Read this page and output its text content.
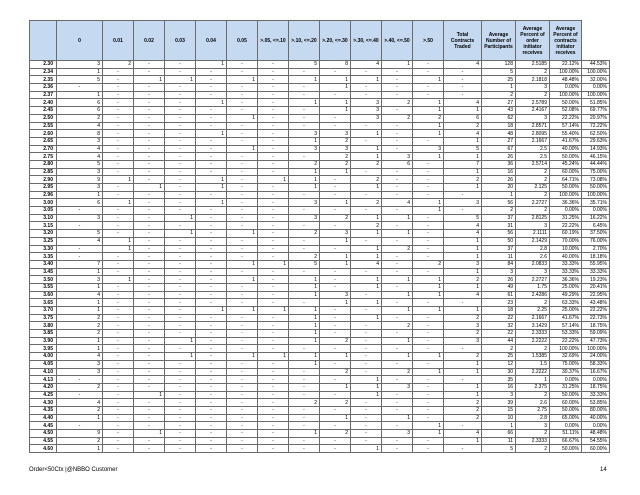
	0	0.01	0.02	0.03	0.04	0.05	>.05, <=.10	>.10, <=.20	>.20, <=.30	>.30, <=.40	>.40, <=.50	>.50	Total Contracts Traded	Average Number of Participants	Average Percent of order initiator receives	Average Percent of contracts initiator receives	
2.30	3	2	-	-	1	-	-	5	8	4	1	-	4	128	2.5185	22.12%	44.53%
2.34	1	-	-	-	-	-	-	-	-	-	-	-	-	5	2	100.00%	100.00%
2.35	5	-	1	1	-	1	-	1	1	1	-	1	-	25	2.1818	48.48%	32.00%
2.36	-	-	-	-	-	-	-	-	1	-	-	-	-	1	3	0.00%	0.00%
2.37	1	-	-	-	-	-	-	-	-	-	-	-	-	2	2	100.00%	100.00%
2.40	6	-	-	-	1	-	-	1	1	3	2	1	4	27	2.5789	50.00%	51.85%
2.45	6	-	-	-	-	-	-	-	1	3	-	1	1	43	2.4167	52.08%	69.77%
2.50	2	-	-	-	-	1	-	-	-	3	2	2	6	62	3	22.22%	20.97%
2.55	4	-	-	-	-	-	-	-	-	-	-	1	2	18	2.8571	57.14%	72.22%
2.60	8	-	-	-	1	-	-	3	3	1	-	1	4	48	2.8095	55.40%	62.50%
2.65	3	-	-	-	-	-	-	1	2	-	-	-	1	27	2.1667	41.67%	29.63%
2.70	4	-	-	-	-	1	-	3	3	1	-	3	5	67	2.5	40.00%	14.93%
2.75	4	-	-	-	-	-	-	-	2	1	3	1	1	26	2.5	50.00%	46.15%
2.80	5	-	-	-	-	-	-	2	2	2	6	-	7	36	2.5714	45.24%	44.44%
2.85	3	-	-	-	-	-	-	1	1	-	-	-	1	16	2	60.00%	75.00%
2.90	9	1	-	-	1	-	1	1	-	2	-	-	2	26	2	64.71%	73.08%
2.95	3	-	1	-	1	-	-	1	-	1	-	-	1	20	2.125	50.00%	50.00%
2.96	1	-	-	-	-	-	-	-	-	-	-	-	-	1	2	100.00%	100.00%
3.00	6	1	-	-	1	-	-	3	1	2	4	1	3	56	2.2727	36.36%	35.71%
3.05	-	-	-	-	-	-	-	-	-	-	-	1	-	2	2	0.00%	0.00%
3.10	3	-	-	1	-	-	-	3	2	1	1	-	5	37	2.8125	31.25%	16.22%
3.15	-	-	-	-	-	-	-	-	-	2	-	-	4	31	3	22.22%	6.45%
3.20	5	-	-	1	-	1	-	2	3	1	1	-	4	56	2.1111	60.19%	37.50%
3.25	4	1	-	-	-	-	-	-	1	-	-	-	1	50	2.1429	70.00%	76.00%
3.30	-	1	-	-	-	-	-	-	-	1	2	-	1	37	2.8	10.00%	2.70%
3.35	-	-	-	-	-	-	-	2	1	1	-	-	1	11	2.6	40.00%	18.18%
3.40	7	-	-	-	-	1	1	5	1	4	-	2	3	84	2.0833	33.33%	55.95%
3.45	1	-	-	-	-	-	-	-	-	-	-	-	1	3	3	33.33%	33.33%
3.50	3	1	-	-	-	1	-	1	-	1	1	1	2	26	2.2727	36.36%	19.23%
3.55	1	-	-	-	-	-	-	1	-	1	-	1	1	49	1.75	25.00%	20.41%
3.60	4	-	-	-	-	-	-	1	3	-	1	1	4	61	2.4286	49.29%	22.95%
3.65	1	-	-	-	-	-	-	-	1	1	-	-	-	23	2	63.33%	43.48%
3.70	1	-	-	-	1	1	1	1	-	-	1	1	1	18	2.25	25.00%	22.22%
3.75	2	-	-	-	-	-	-	1	-	1	-	-	2	22	2.1667	41.67%	22.73%
3.80	2	-	-	-	-	-	-	1	-	-	2	-	3	32	3.1429	57.14%	18.75%
3.85	2	-	-	-	-	-	-	1	-	-	-	-	2	22	2.3333	53.33%	59.09%
3.90	1	-	-	1	-	-	-	1	2	-	1	-	3	44	2.2222	22.22%	47.73%
3.95	1	-	-	-	-	-	-	-	-	-	-	-	-	2	2	100.00%	100.00%
4.00	4	-	-	1	-	1	1	1	1	-	1	1	2	25	1.5385	32.69%	24.00%
4.05	3	-	-	-	-	-	-	1	-	-	-	-	1	12	1.5	75.00%	58.33%
4.10	3	-	-	-	-	-	-	-	2	-	2	1	1	30	2.2222	30.37%	16.67%
4.13	-	-	-	-	-	-	-	-	-	1	-	-	-	35	1	0.00%	0.00%
4.20	2	-	-	-	-	-	-	-	1	1	3	-	1	16	2.375	31.25%	18.75%
4.25	-	-	1	-	-	-	-	-	-	1	-	-	1	3	2	50.00%	33.33%
4.30	4	-	-	-	-	-	-	2	2	-	-	-	2	39	2.6	60.00%	53.85%
4.35	2	-	-	-	-	-	-	-	-	-	-	-	2	15	2.75	50.00%	80.00%
4.40	1	-	-	-	-	-	-	-	1	-	1	-	2	10	2.8	65.00%	40.00%
4.45	-	-	-	-	-	-	-	-	-	-	-	1	-	1	3	0.00%	0.00%
4.50	9	-	1	-	-	-	-	1	2	-	3	1	4	66	2	51.11%	48.48%
4.55	2	-	-	-	-	-	-	-	-	-	-	-	1	11	2.3333	66.67%	54.55%
4.60	1	-	-	-	-	-	-	-	-	1	-	-	-	5	2	50.00%	60.00%
Order<50Ctx |@NBBO Customer	14
